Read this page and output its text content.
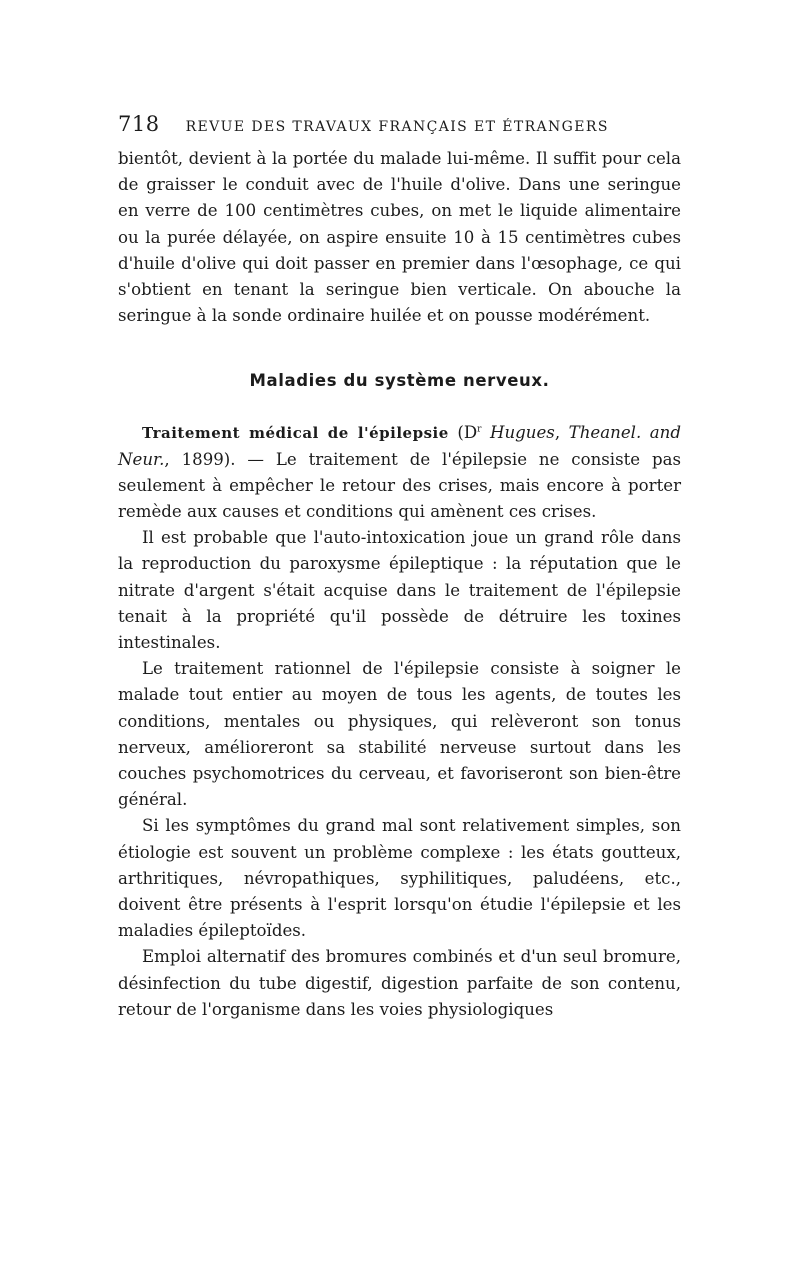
718 REVUE DES TRAVAUX FRANÇAIS ET ÉTRANGERS

bientôt, devient à la portée du malade lui-même. Il suffit pour cela de graisser le conduit avec de l'huile d'olive. Dans une seringue en verre de 100 centimètres cubes, on met le liquide alimentaire ou la purée délayée, on aspire ensuite 10 à 15 centimètres cubes d'huile d'olive qui doit passer en premier dans l'œsophage, ce qui s'obtient en tenant la seringue bien verticale. On abouche la seringue à la sonde ordinaire huilée et on pousse modérément.

Maladies du système nerveux.

Traitement médical de l'épilepsie ($D^r$ Hugues, Theanel. and Neur., 1899). — Le traitement de l'épilepsie ne consiste pas seulement à empêcher le retour des crises, mais encore à porter remède aux causes et conditions qui amènent ces crises.

Il est probable que l'auto-intoxication joue un grand rôle dans la reproduction du paroxysme épileptique : la réputation que le nitrate d'argent s'était acquise dans le traitement de l'épilepsie tenait à la propriété qu'il possède de détruire les toxines intestinales.

Le traitement rationnel de l'épilepsie consiste à soigner le malade tout entier au moyen de tous les agents, de toutes les conditions, mentales ou physiques, qui relèveront son tonus nerveux, amélioreront sa stabilité nerveuse surtout dans les couches psychomotrices du cerveau, et favoriseront son bien-être général.

Si les symptômes du grand mal sont relativement simples, son étiologie est souvent un problème complexe : les états goutteux, arthritiques, névropathiques, syphilitiques, paludéens, etc., doivent être présents à l'esprit lorsqu'on étudie l'épilepsie et les maladies épileptoïdes.

Emploi alternatif des bromures combinés et d'un seul bromure, désinfection du tube digestif, digestion parfaite de son contenu, retour de l'organisme dans les voies physiologiques
